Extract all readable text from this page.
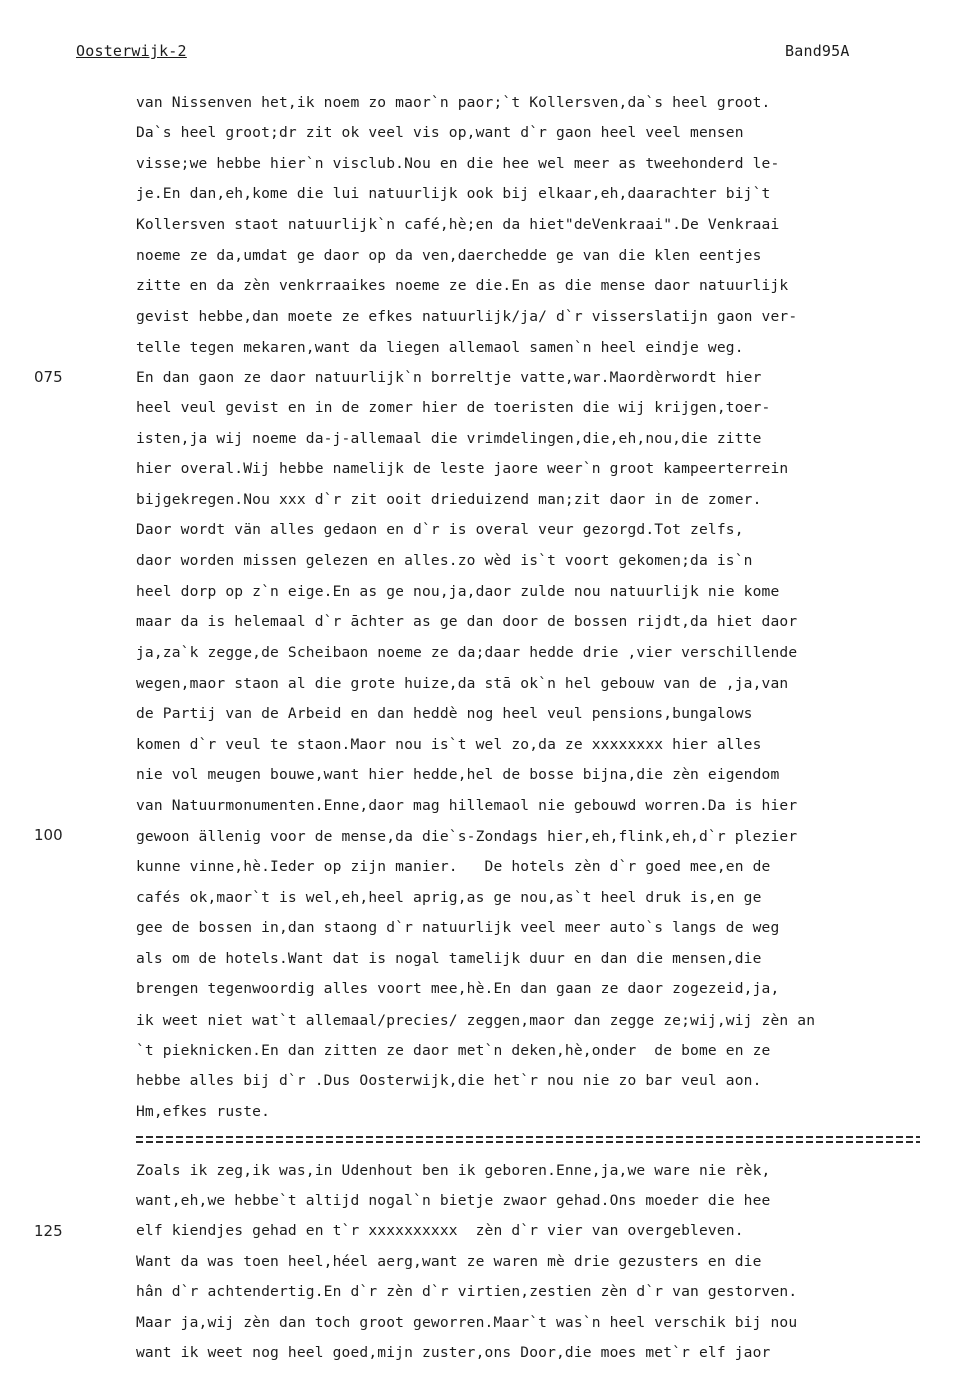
Oosterwijk-2	Band95A
075
100
125
van Nissenven het,ik noem zo maor`n paor;`t Kollersven,da`s heel groot.
Da`s heel groot;dr zit ok veel vis op,want d`r gaon heel veel mensen
visse;we hebbe hier`n visclub.Nou en die hee wel meer as tweehonderd le-
je.En dan,eh,kome die lui natuurlijk ook bij elkaar,eh,daarachter bij`t
Kollersven staot natuurlijk`n café,hè;en da hiet"deVenkraai".De Venkraai
noeme ze da,umdat ge daor op da ven,daerchedde ge van die klen eentjes
zitte en da zèn venkrraaikes noeme ze die.En as die mense daor natuurlijk
gevist hebbe,dan moete ze efkes natuurlijk/ja/ d`r visserslatijn gaon ver-
telle tegen mekaren,want da liegen allemaol samen`n heel eindje weg.
En dan gaon ze daor natuurlijk`n borreltje vatte,war.Maordèrwordt hier
heel veul gevist en in de zomer hier de toeristen die wij krijgen,toer-
isten,ja wij noeme da-j-allemaal die vrimdelingen,die,eh,nou,die zitte
hier overal.Wij hebbe namelijk de leste jaore weer`n groot kampeerterrein
bijgekregen.Nou xxx d`r zit ooit drieduizend man;zit daor in de zomer.
Daor wordt vän alles gedaon en d`r is overal veur gezorgd.Tot zelfs,
daor worden missen gelezen en alles.zo wèd is`t voort gekomen;da is`n
heel dorp op z`n eige.En as ge nou,ja,daor zulde nou natuurlijk nie kome
maar da is helemaal d`r āchter as ge dan door de bossen rijdt,da hiet daor
ja,za`k zegge,de Scheibaon noeme ze da;daar hedde drie ,vier verschillende
wegen,maor staon al die grote huize,da stā ok`n hel gebouw van de ,ja,van
de Partij van de Arbeid en dan heddè nog heel veul pensions,bungalows
komen d`r veul te staon.Maor nou is`t wel zo,da ze xxxxxxxx hier alles
nie vol meugen bouwe,want hier hedde,hel de bosse bijna,die zèn eigendom
van Natuurmonumenten.Enne,daor mag hillemaol nie gebouwd worren.Da is hier
gewoon ällenig voor de mense,da die`s-Zondags hier,eh,flink,eh,d`r plezier
kunne vinne,hè.Ieder op zijn manier.   De hotels zèn d`r goed mee,en de
cafés ok,maor`t is wel,eh,heel aprig,as ge nou,as`t heel druk is,en ge
gee de bossen in,dan staong d`r natuurlijk veel meer auto`s langs de weg
als om de hotels.Want dat is nogal tamelijk duur en dan die mensen,die
brengen tegenwoordig alles voort mee,hè.En dan gaan ze daor zogezeid,ja,
ik weet niet wat`t allemaal/precies/ zeggen,maor dan zegge ze;wij,wij zèn an
`t pieknicken.En dan zitten ze daor met`n deken,hè,onder  de bome en ze
hebbe alles bij d`r .Dus Oosterwijk,die het`r nou nie zo bar veul aon.
Hm,efkes ruste.
Zoals ik zeg,ik was,in Udenhout ben ik geboren.Enne,ja,we ware nie rèk,
want,eh,we hebbe`t altijd nogal`n bietje zwaor gehad.Ons moeder die hee
elf kiendjes gehad en t`r xxxxxxxxxx  zèn d`r vier van overgebleven.
Want da was toen heel,héel aerg,want ze waren mè drie gezusters en die
hân d`r achtendertig.En d`r zèn d`r virtien,zestien zèn d`r van gestorven.
Maar ja,wij zèn dan toch groot geworren.Maar`t was`n heel verschik bij nou
want ik weet nog heel goed,mijn zuster,ons Door,die moes met`r elf jaor
